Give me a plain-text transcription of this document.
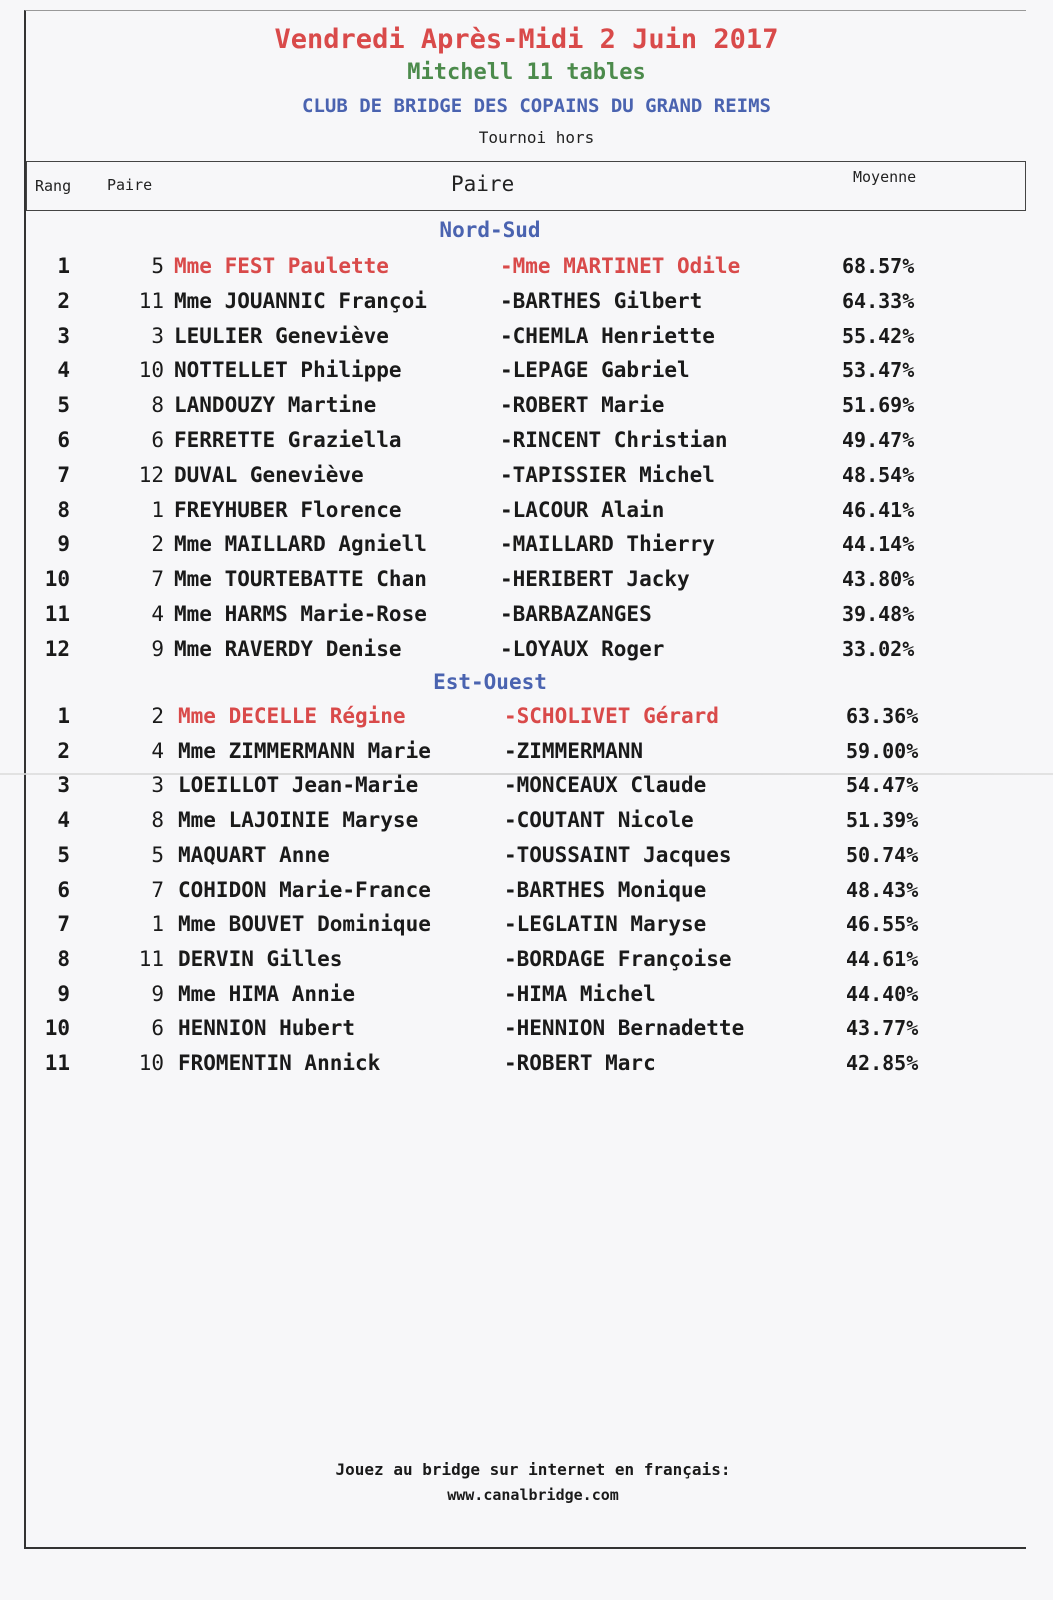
Vendredi Après-Midi 2 Juin 2017
Mitchell 11 tables
CLUB DE BRIDGE DES COPAINS DU GRAND REIMS
Tournoi hors
Rang Paire	Paire	Moyenne
Nord-Sud
1	5 Mme FEST Paulette	-Mme MARTINET Odile	68.57%
2	11 Mme JOUANNIC Françoi	-BARTHES Gilbert	64.33%
3	3 LEULIER Geneviève	-CHEMLA Henriette	55.42%
4	10 NOTTELLET Philippe	-LEPAGE Gabriel	53.47%
5	8 LANDOUZY Martine	-ROBERT Marie	51.69%
6	6 FERRETTE Graziella	-RINCENT Christian	49.47%
7	12 DUVAL Geneviève	-TAPISSIER Michel	48.54%
8	1 FREYHUBER Florence	-LACOUR Alain	46.41%
9	2 Mme MAILLARD Agniell	-MAILLARD Thierry	44.14%
10	7 Mme TOURTEBATTE Chan	-HERIBERT Jacky	43.80%
11	4 Mme HARMS Marie-Rose	-BARBAZANGES	39.48%
12	9 Mme RAVERDY Denise	-LOYAUX Roger	33.02%
Est-Ouest
1	2 Mme DECELLE Régine	-SCHOLIVET Gérard	63.36%
2	4 Mme ZIMMERMANN Marie	-ZIMMERMANN	59.00%
3	3 LOEILLOT Jean-Marie	-MONCEAUX Claude	54.47%
4	8 Mme LAJOINIE Maryse	-COUTANT Nicole	51.39%
5	5 MAQUART Anne	-TOUSSAINT Jacques	50.74%
6	7 COHIDON Marie-France	-BARTHES Monique	48.43%
7	1 Mme BOUVET Dominique	-LEGLATIN Maryse	46.55%
8	11 DERVIN Gilles	-BORDAGE Françoise	44.61%
9	9 Mme HIMA Annie	-HIMA Michel	44.40%
10	6 HENNION Hubert	-HENNION Bernadette	43.77%
11	10 FROMENTIN Annick	-ROBERT Marc	42.85%
Jouez au bridge sur internet en français:
www.canalbridge.com
